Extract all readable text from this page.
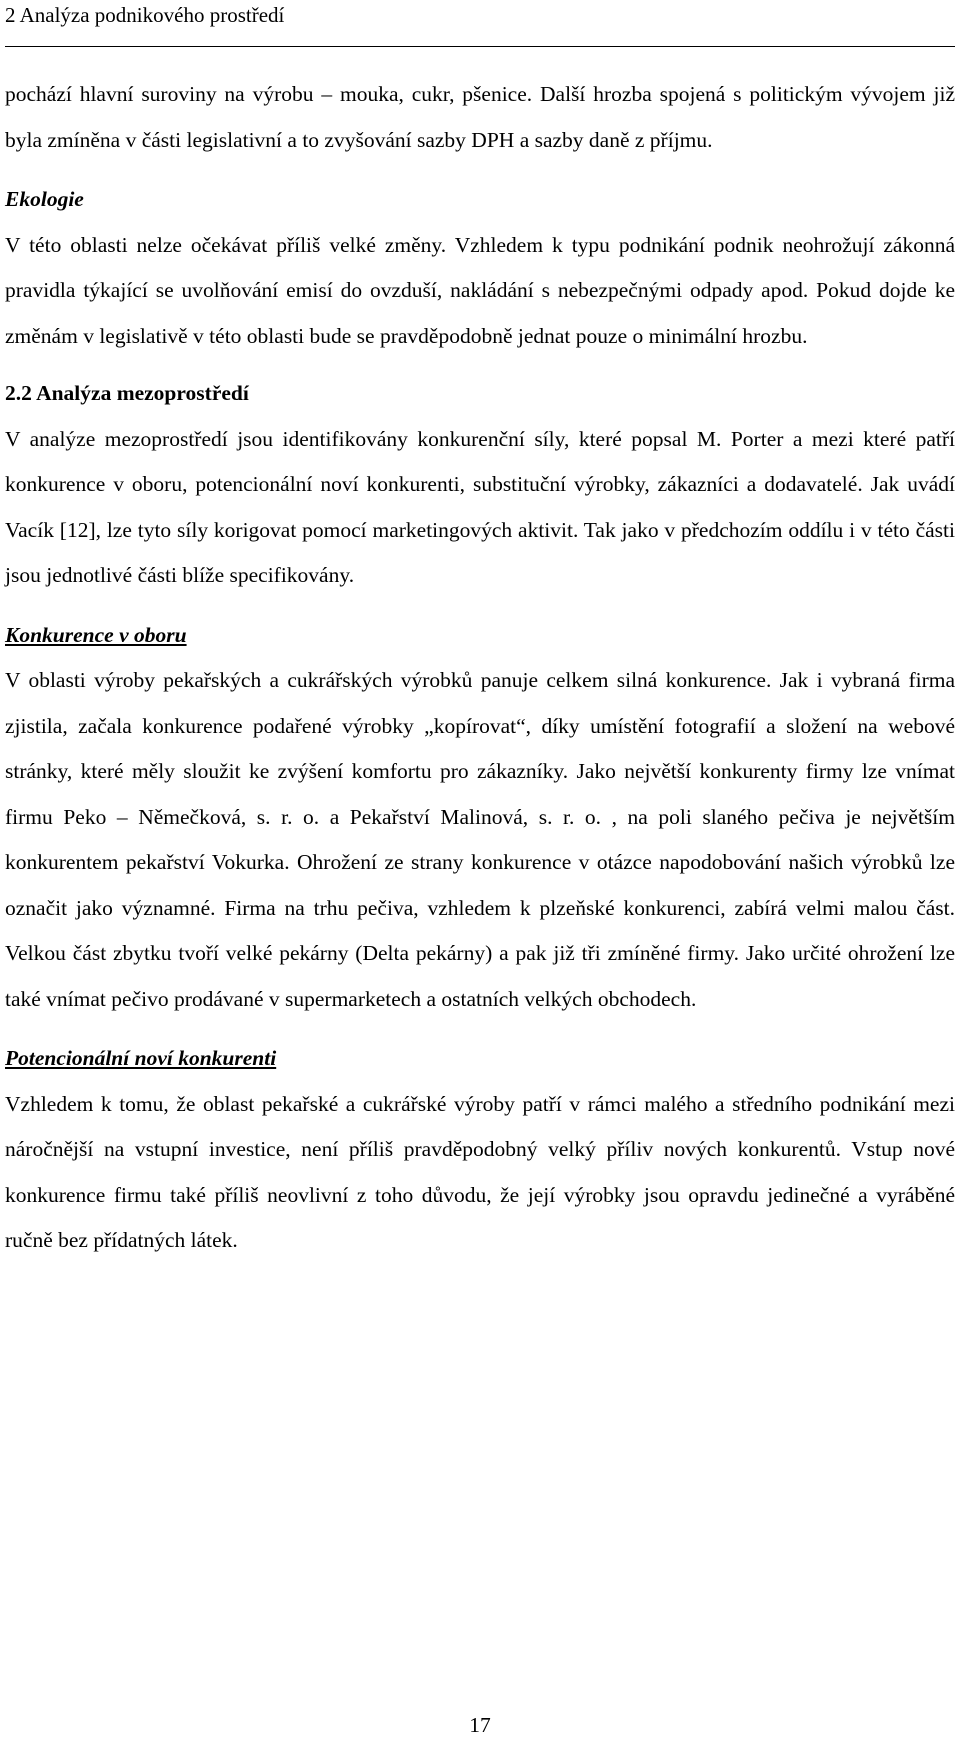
2 Analýza podnikového prostředí

pochází hlavní suroviny na výrobu – mouka, cukr, pšenice. Další hrozba spojená s politickým vývojem již byla zmíněna v části legislativní a to zvyšování sazby DPH a sazby daně z příjmu.

Ekologie

V této oblasti nelze očekávat příliš velké změny. Vzhledem k typu podnikání podnik neohrožují zákonná pravidla týkající se uvolňování emisí do ovzduší, nakládání s nebezpečnými odpady apod. Pokud dojde ke změnám v legislativě v této oblasti bude se pravděpodobně jednat pouze o minimální hrozbu.

2.2 Analýza mezoprostředí

V analýze mezoprostředí jsou identifikovány konkurenční síly, které popsal M. Porter a mezi které patří konkurence v oboru, potencionální noví konkurenti, substituční výrobky, zákazníci a dodavatelé. Jak uvádí Vacík [12], lze tyto síly korigovat pomocí marketingových aktivit. Tak jako v předchozím oddílu i v této části jsou jednotlivé části blíže specifikovány.

Konkurence v oboru

V oblasti výroby pekařských a cukrářských výrobků panuje celkem silná konkurence. Jak i vybraná firma zjistila, začala konkurence podařené výrobky „kopírovat“, díky umístění fotografií a složení na webové stránky, které měly sloužit ke zvýšení komfortu pro zákazníky. Jako největší konkurenty firmy lze vnímat firmu Peko – Němečková, s. r. o. a Pekařství Malinová, s. r. o. , na poli slaného pečiva je největším konkurentem pekařství Vokurka. Ohrožení ze strany konkurence v otázce napodobování našich výrobků lze označit jako významné. Firma na trhu pečiva, vzhledem k plzeňské konkurenci, zabírá velmi malou část. Velkou část zbytku tvoří velké pekárny (Delta pekárny) a pak již tři zmíněné firmy. Jako určité ohrožení lze také vnímat pečivo prodávané v supermarketech a ostatních velkých obchodech.

Potencionální noví konkurenti

Vzhledem k tomu, že oblast pekařské a cukrářské výroby patří v rámci malého a středního podnikání mezi náročnější na vstupní investice, není příliš pravděpodobný velký příliv nových konkurentů. Vstup nové konkurence firmu také příliš neovlivní z toho důvodu, že její výrobky jsou opravdu jedinečné a vyráběné ručně bez přídatných látek.

17
